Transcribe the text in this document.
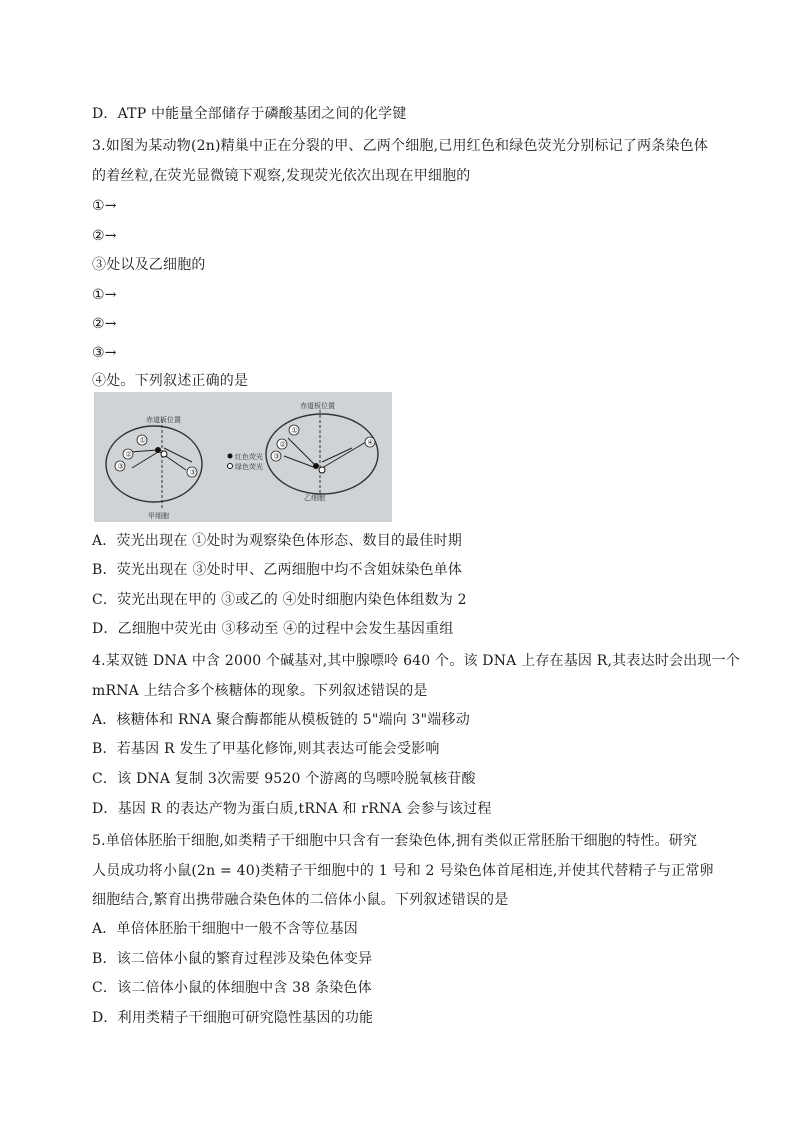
D．ATP 中能量全部储存于磷酸基团之间的化学键
3.如图为某动物(2n)精巢中正在分裂的甲、乙两个细胞,已用红色和绿色荧光分别标记了两条染色体
的着丝粒,在荧光显微镜下观察,发现荧光依次出现在甲细胞的
①→
②→
③处以及乙细胞的
①→
②→
③→
④处。下列叙述正确的是
赤道板位置
①
②
③
③
甲细胞
红色荧光
绿色荧光
赤道板位置
①
②
③
④
乙细胞
A．荧光出现在 ①处时为观察染色体形态、数目的最佳时期
B．荧光出现在 ③处时甲、乙两细胞中均不含姐妹染色单体
C．荧光出现在甲的 ③或乙的 ④处时细胞内染色体组数为 2
D．乙细胞中荧光由 ③移动至 ④的过程中会发生基因重组
4.某双链 DNA 中含 2000 个碱基对,其中腺嘌呤 640 个。该 DNA 上存在基因 R,其表达时会出现一个
mRNA 上结合多个核糖体的现象。下列叙述错误的是
A．核糖体和 RNA 聚合酶都能从模板链的 5"端向 3"端移动
B．若基因 R 发生了甲基化修饰,则其表达可能会受影响
C．该 DNA 复制 3次需要 9520 个游离的鸟嘌呤脱氧核苷酸
D．基因 R 的表达产物为蛋白质,tRNA 和 rRNA 会参与该过程
5.单倍体胚胎干细胞,如类精子干细胞中只含有一套染色体,拥有类似正常胚胎干细胞的特性。研究
人员成功将小鼠(2n = 40)类精子干细胞中的 1 号和 2 号染色体首尾相连,并使其代替精子与正常卵
细胞结合,繁育出携带融合染色体的二倍体小鼠。下列叙述错误的是
A．单倍体胚胎干细胞中一般不含等位基因
B．该二倍体小鼠的繁育过程涉及染色体变异
C．该二倍体小鼠的体细胞中含 38 条染色体
D．利用类精子干细胞可研究隐性基因的功能
